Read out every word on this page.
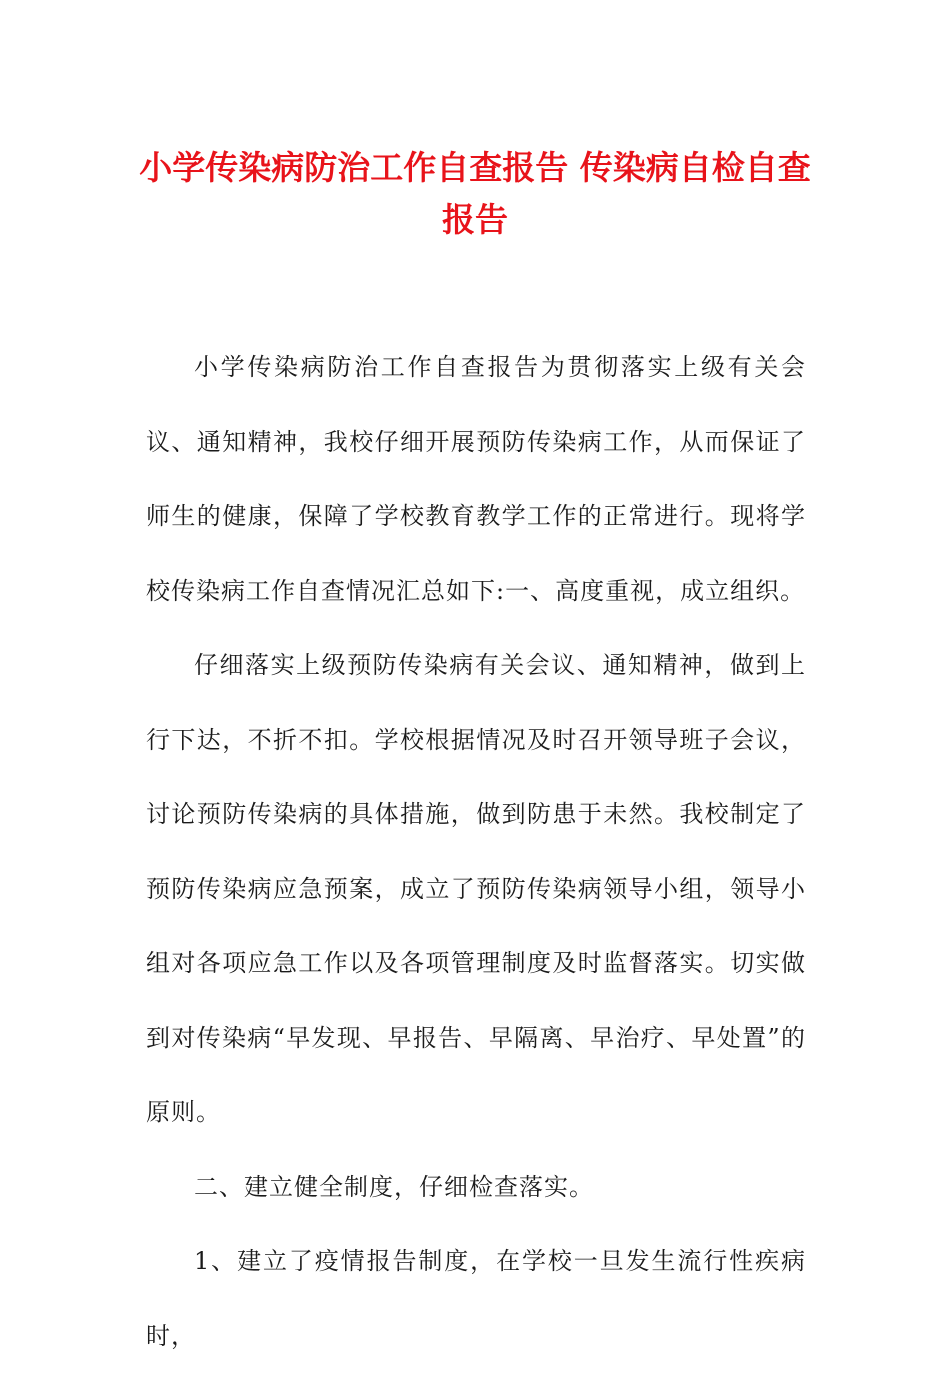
小学传染病防治工作自查报告 传染病自检自查报告

小学传染病防治工作自查报告为贯彻落实上级有关会议、通知精神，我校仔细开展预防传染病工作，从而保证了师生的健康，保障了学校教育教学工作的正常进行。现将学校传染病工作自查情况汇总如下:一、高度重视，成立组织。

仔细落实上级预防传染病有关会议、通知精神，做到上行下达，不折不扣。学校根据情况及时召开领导班子会议，讨论预防传染病的具体措施，做到防患于未然。我校制定了预防传染病应急预案，成立了预防传染病领导小组，领导小组对各项应急工作以及各项管理制度及时监督落实。切实做到对传染病“早发现、早报告、早隔离、早治疗、早处置”的原则。

二、建立健全制度，仔细检查落实。

1、建立了疫情报告制度，在学校一旦发生流行性疾病时，
